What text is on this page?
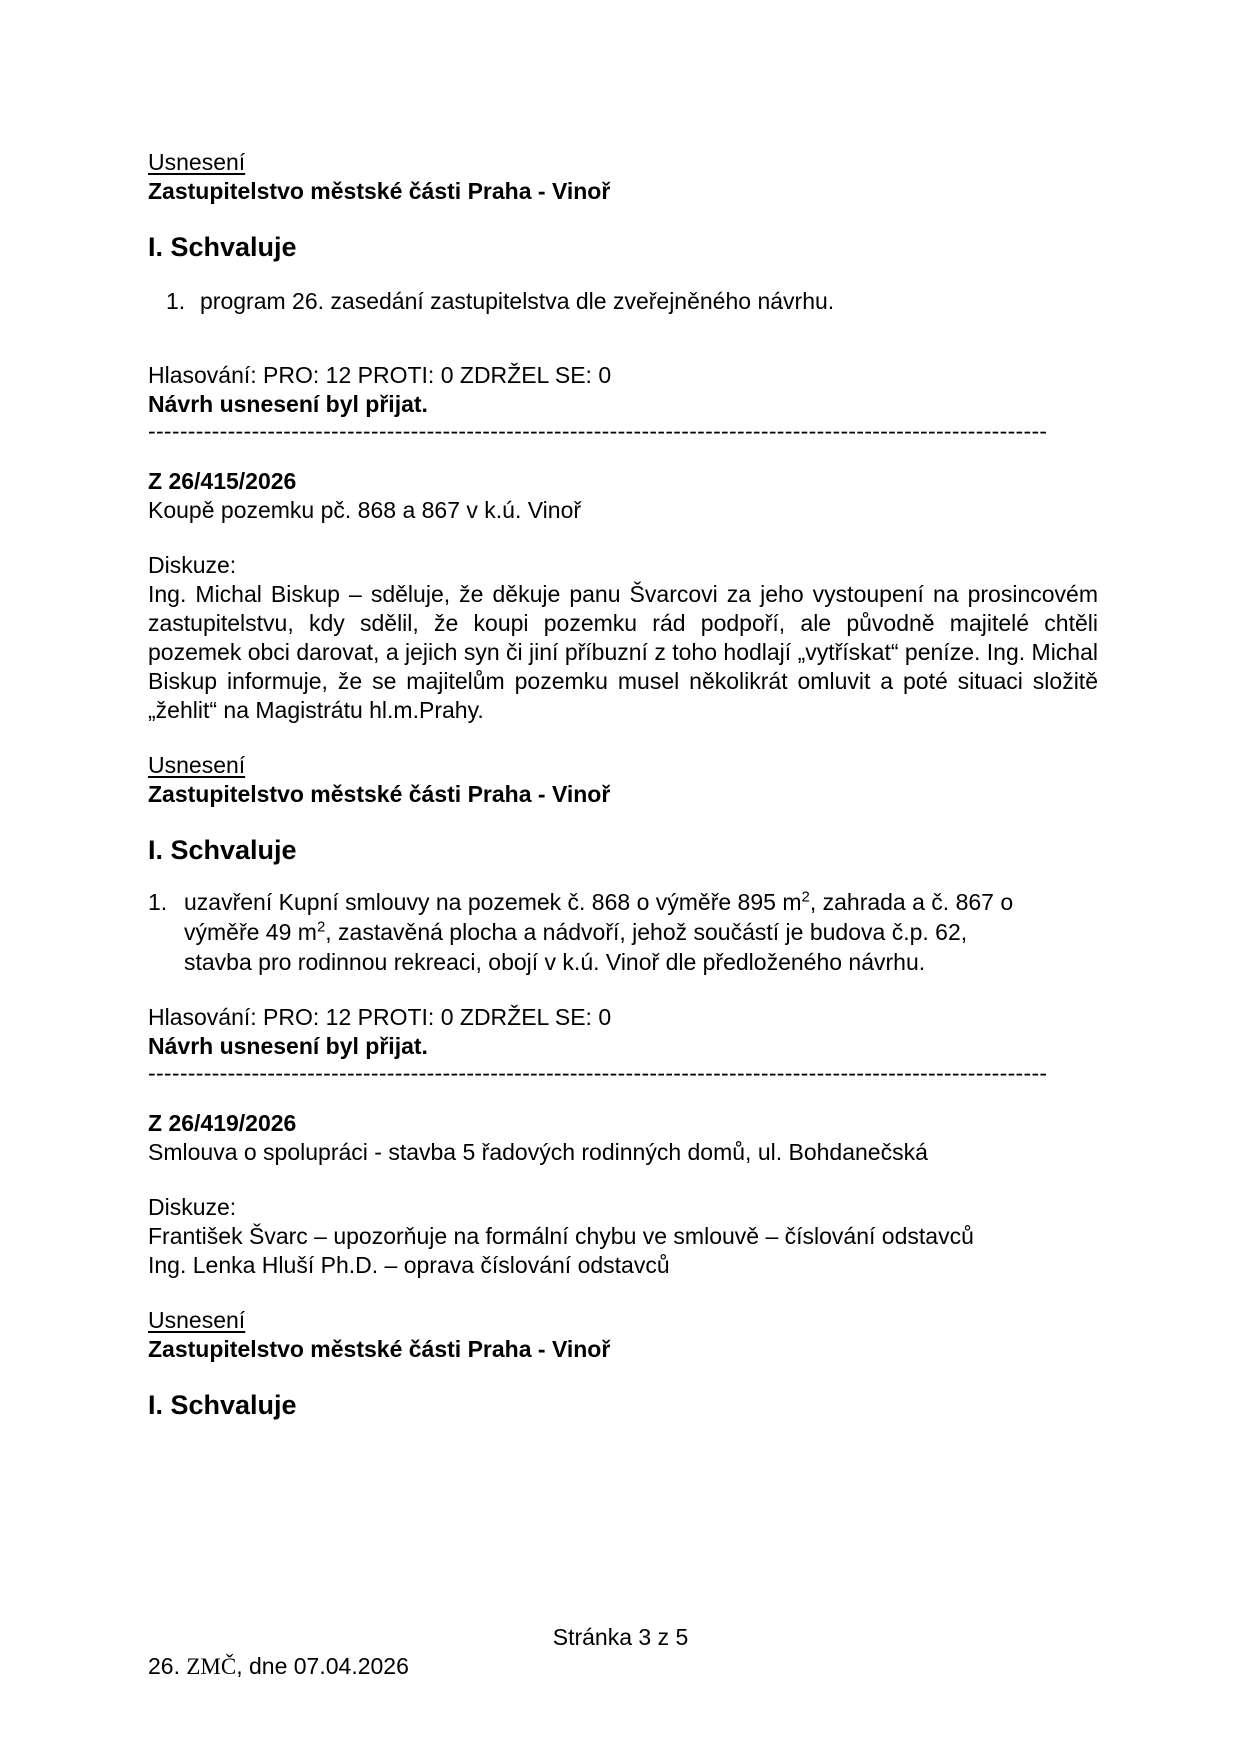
Usnesení

Zastupitelstvo městské části Praha - Vinoř

I. Schvaluje

1. program 26. zasedání zastupitelstva dle zveřejněného návrhu.

Hlasování: PRO: 12 PROTI: 0 ZDRŽEL SE: 0

Návrh usnesení byl přijat.

-----------------------------------------------------------------------------------------------------------------

Z 26/415/2026

Koupě pozemku pč. 868 a 867 v k.ú. Vinoř

Diskuze:

Ing. Michal Biskup – sděluje, že děkuje panu Švarcovi za jeho vystoupení na prosincovém zastupitelstvu, kdy sdělil, že koupi pozemku rád podpoří, ale původně majitelé chtěli pozemek obci darovat, a jejich syn či jiní příbuzní z toho hodlají „vytřískat“ peníze. Ing. Michal Biskup informuje, že se majitelům pozemku musel několikrát omluvit a poté situaci složitě „žehlit“ na Magistrátu hl.m.Prahy.

Usnesení

Zastupitelstvo městské části Praha - Vinoř

I. Schvaluje

1. uzavření Kupní smlouvy na pozemek č. 868 o výměře 895 $m^2$, zahrada a č. 867 o
výměře 49 $m^2$, zastavěná plocha a nádvoří, jehož součástí je budova č.p. 62,
stavba pro rodinnou rekreaci, obojí v k.ú. Vinoř dle předloženého návrhu.

Hlasování: PRO: 12 PROTI: 0 ZDRŽEL SE: 0

Návrh usnesení byl přijat.

-----------------------------------------------------------------------------------------------------------------

Z 26/419/2026

Smlouva o spolupráci - stavba 5 řadových rodinných domů, ul. Bohdanečská

Diskuze:

František Švarc – upozorňuje na formální chybu ve smlouvě – číslování odstavců

Ing. Lenka Hluší Ph.D. – oprava číslování odstavců

Usnesení

Zastupitelstvo městské části Praha - Vinoř

I. Schvaluje

Stránka 3 z 5
26. ZMČ, dne 07.04.2026
